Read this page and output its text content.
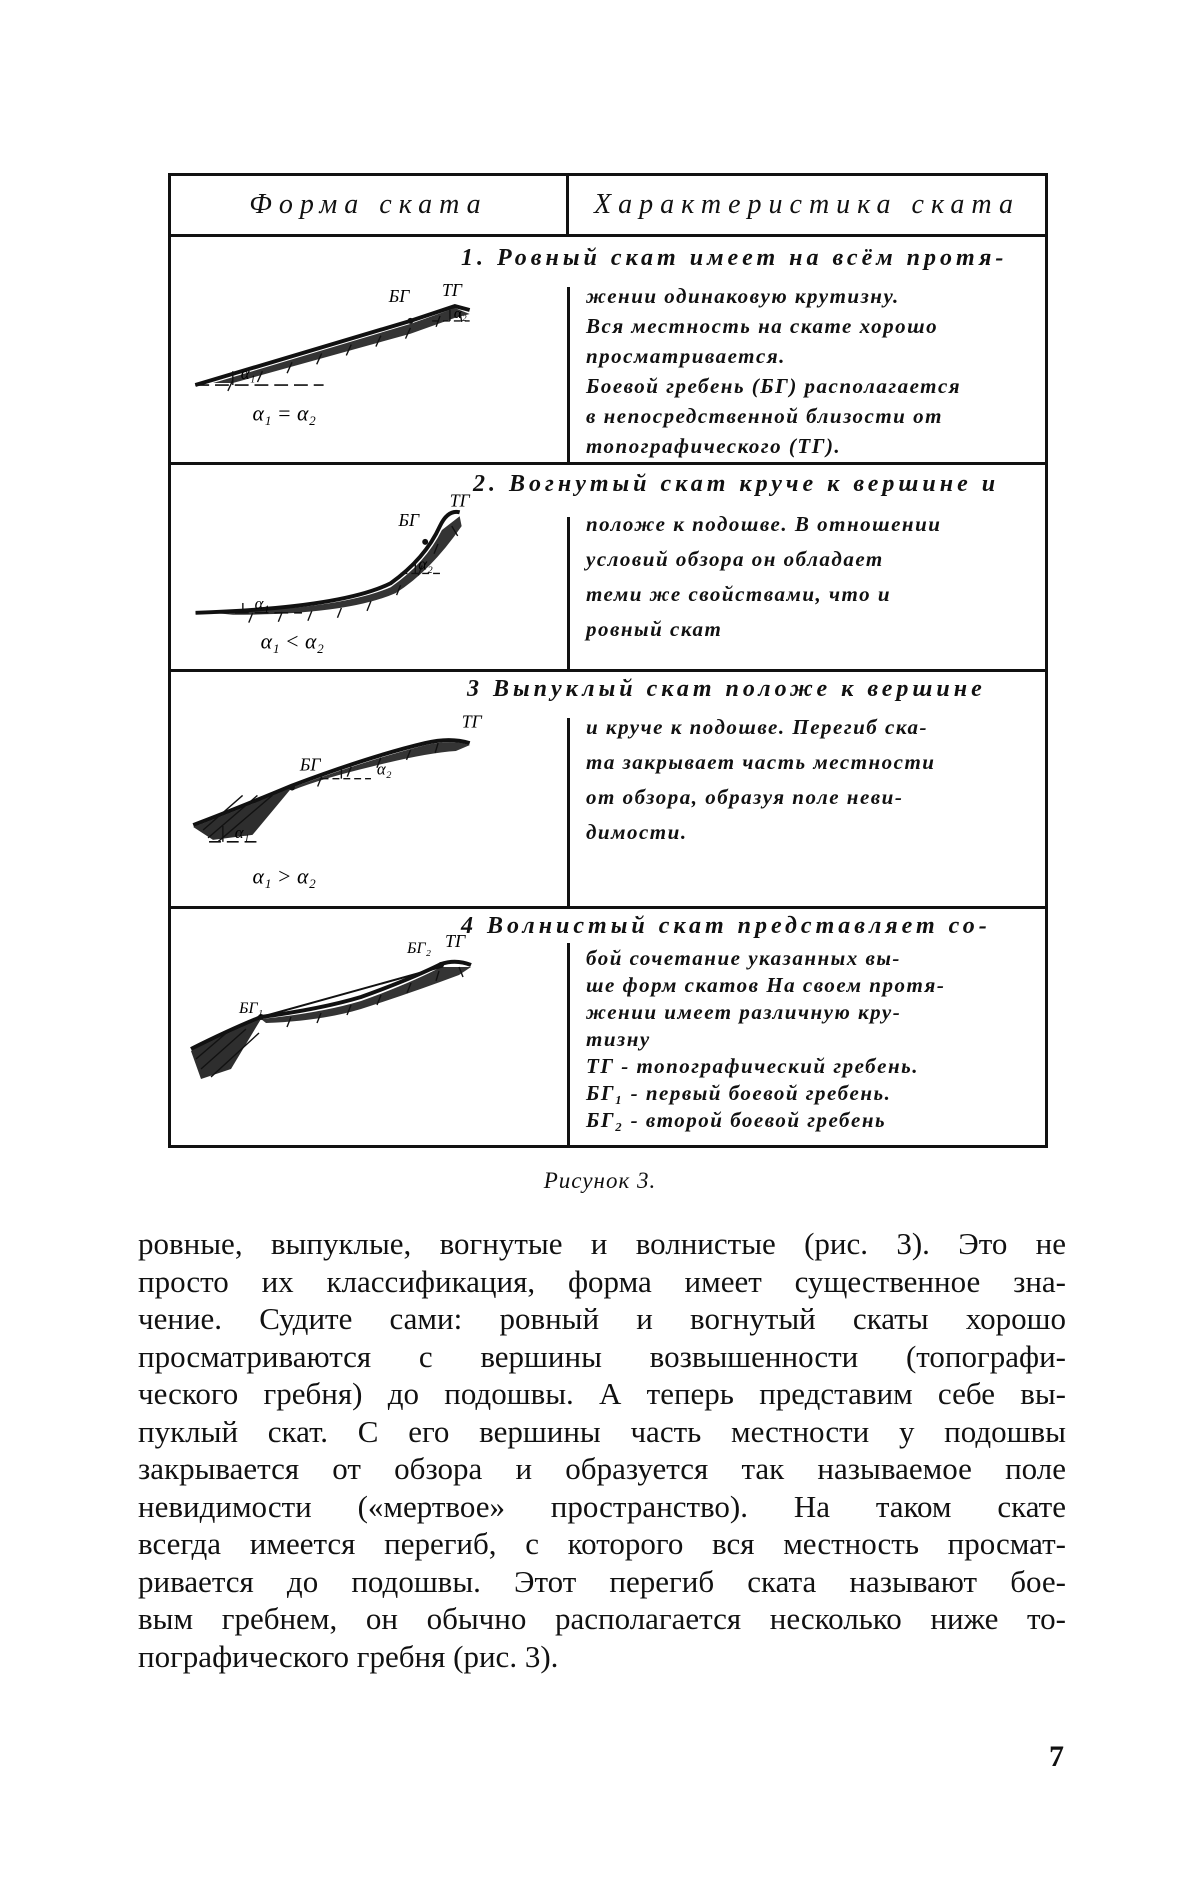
Форма ската	Характеристика ската
БГ ТГ
α₁
α₂
α₁ = α₂
1. Ровный скат имеет на всём протя-
жении одинаковую крутизну.
Вся местность на скате хорошо
просматривается.
Боевой гребень (БГ) располагается
в непосредственной близости от
топографического (ТГ).
БГ
ТГ
α₁
α₂
α₁ < α₂
2. Вогнутый скат круче к вершине и
положе к подошве. В отношении
условий обзора он обладает
теми же свойствами, что и
ровный скат
БГ
ТГ
α₁
α₂
α₁ > α₂
3 Выпуклый скат положе к вершине
и круче к подошве. Перегиб ска-
та закрывает часть местности
от обзора, образуя поле неви-
димости.
БГ₁
БГ₂ ТГ
4 Волнистый скат представляет со-
бой сочетание указанных вы-
ше форм скатов На своем протя-
жении имеет различную кру-
тизну
ТГ - топографический гребень.
БГ₁ - первый боевой гребень.
БГ₂ - второй боевой гребень
Рисунок 3.
ровные, выпуклые, вогнутые и волнистые (рис. 3). Это не
просто их классификация, форма имеет существенное зна-
чение. Судите сами: ровный и вогнутый скаты хорошо
просматриваются с вершины возвышенности (топографи-
ческого гребня) до подошвы. А теперь представим себе вы-
пуклый скат. С его вершины часть местности у подошвы
закрывается от обзора и образуется так называемое поле
невидимости («мертвое» пространство). На таком скате
всегда имеется перегиб, с которого вся местность просмат-
ривается до подошвы. Этот перегиб ската называют бое-
вым гребнем, он обычно располагается несколько ниже то-
пографического гребня (рис. 3).
7
